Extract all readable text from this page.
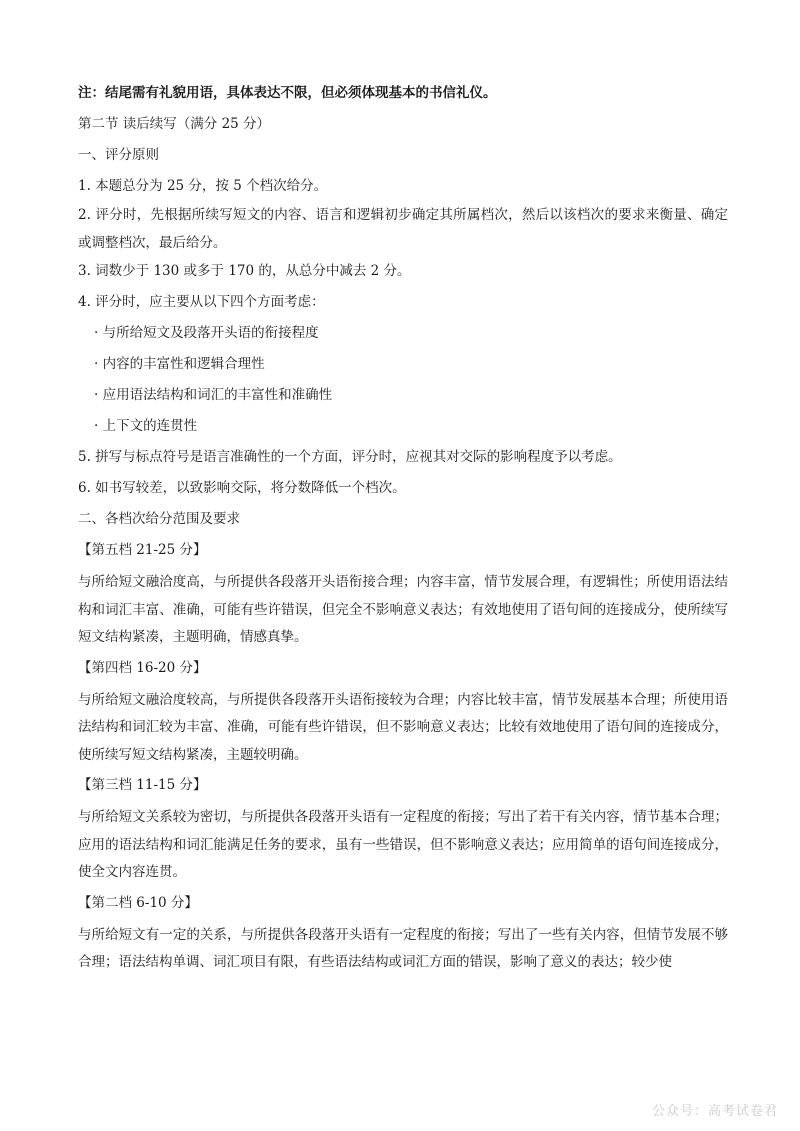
注：结尾需有礼貌用语，具体表达不限，但必须体现基本的书信礼仪。

第二节 读后续写（满分 25 分）

一、评分原则

1. 本题总分为 25 分，按 5 个档次给分。

2. 评分时，先根据所续写短文的内容、语言和逻辑初步确定其所属档次，然后以该档次的要求来衡量、确定或调整档次，最后给分。

3. 词数少于 130 或多于 170 的，从总分中减去 2 分。

4. 评分时，应主要从以下四个方面考虑：

· 与所给短文及段落开头语的衔接程度

· 内容的丰富性和逻辑合理性

· 应用语法结构和词汇的丰富性和准确性

· 上下文的连贯性

5. 拼写与标点符号是语言准确性的一个方面，评分时，应视其对交际的影响程度予以考虑。

6. 如书写较差，以致影响交际，将分数降低一个档次。

二、各档次给分范围及要求

【第五档 21-25 分】

与所给短文融洽度高，与所提供各段落开头语衔接合理；内容丰富，情节发展合理，有逻辑性；所使用语法结构和词汇丰富、准确，可能有些许错误，但完全不影响意义表达；有效地使用了语句间的连接成分，使所续写短文结构紧凑，主题明确，情感真挚。

【第四档 16-20 分】

与所给短文融洽度较高，与所提供各段落开头语衔接较为合理；内容比较丰富，情节发展基本合理；所使用语法结构和词汇较为丰富、准确，可能有些许错误，但不影响意义表达；比较有效地使用了语句间的连接成分，使所续写短文结构紧凑，主题较明确。

【第三档 11-15 分】

与所给短文关系较为密切，与所提供各段落开头语有一定程度的衔接；写出了若干有关内容，情节基本合理；应用的语法结构和词汇能满足任务的要求，虽有一些错误，但不影响意义表达；应用简单的语句间连接成分，使全文内容连贯。

【第二档 6-10 分】

与所给短文有一定的关系，与所提供各段落开头语有一定程度的衔接；写出了一些有关内容，但情节发展不够合理；语法结构单调、词汇项目有限，有些语法结构或词汇方面的错误，影响了意义的表达；较少使

公众号：高考试卷君
